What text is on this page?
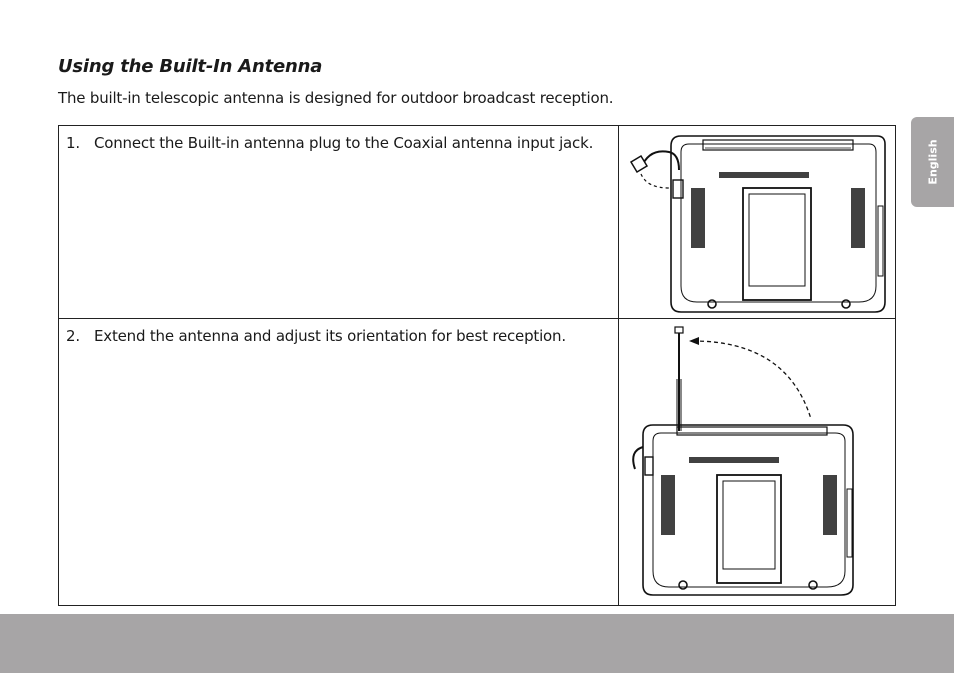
Using the Built-In Antenna

The built-in telescopic antenna is designed for outdoor broadcast reception.

1. Connect the Built-in antenna plug to the Coaxial antenna input jack.

2. Extend the antenna and adjust its orientation for best reception.

English
